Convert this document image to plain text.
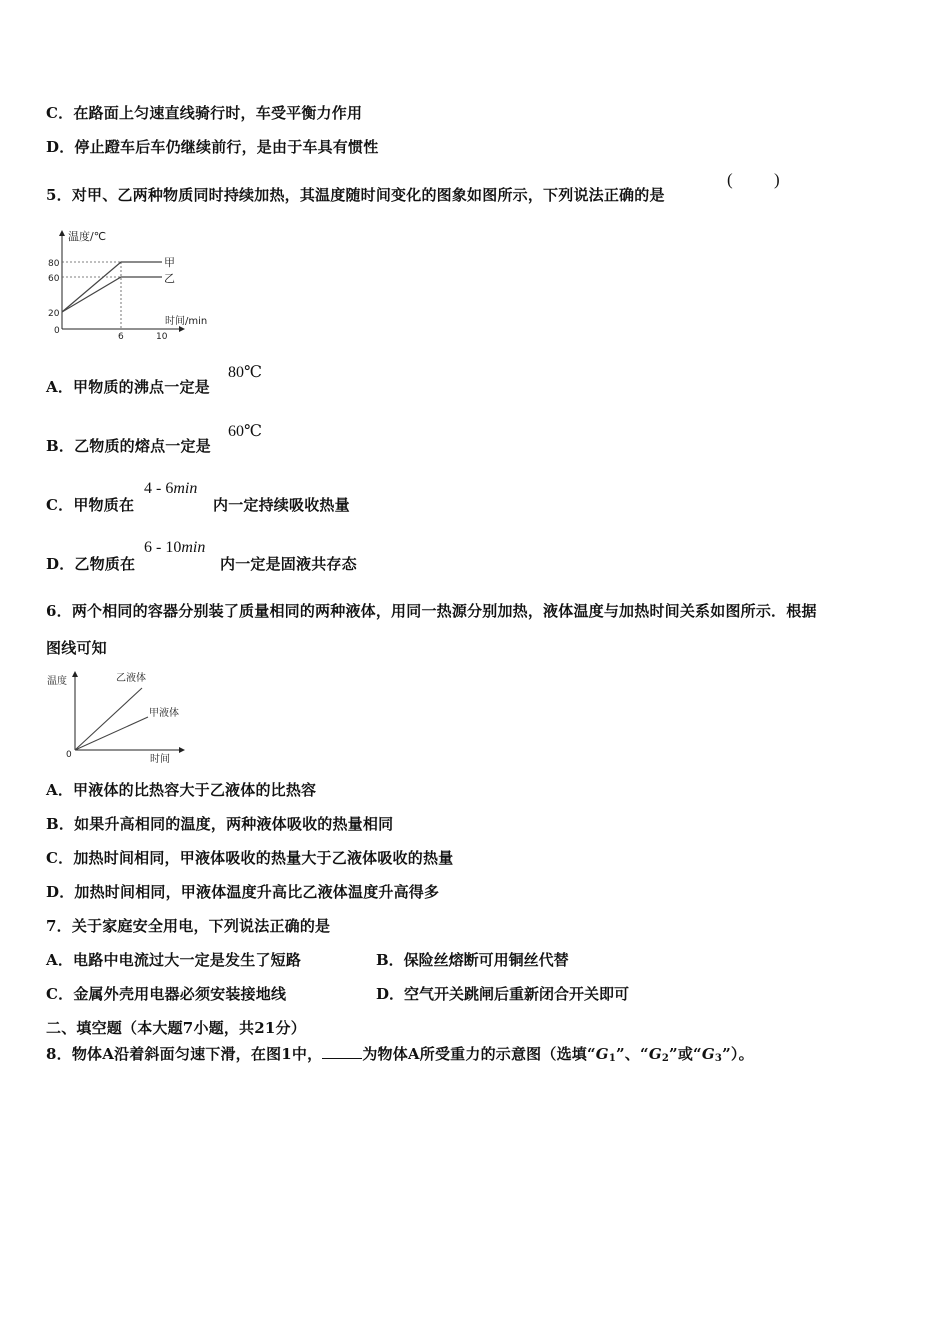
C．在路面上匀速直线骑行时，车受平衡力作用
D．停止蹬车后车仍继续前行，是由于车具有惯性
5．对甲、乙两种物质同时持续加热，其温度随时间变化的图象如图所示，下列说法正确的是
( )
温度/℃
时间/min
80
60
20
0
6	10
甲
乙
A．甲物质的沸点一定是
80℃
B．乙物质的熔点一定是
60℃
C．甲物质在
4 - 6min
内一定持续吸收热量
D．乙物质在
6 - 10min
内一定是固液共存态
6．两个相同的容器分别装了质量相同的两种液体，用同一热源分别加热，液体温度与加热时间关系如图所示．根据
图线可知
温度
时间
0
乙液体
甲液体
A．甲液体的比热容大于乙液体的比热容
B．如果升高相同的温度，两种液体吸收的热量相同
C．加热时间相同，甲液体吸收的热量大于乙液体吸收的热量
D．加热时间相同，甲液体温度升高比乙液体温度升高得多
7．关于家庭安全用电，下列说法正确的是
A．电路中电流过大一定是发生了短路	B．保险丝熔断可用铜丝代替
C．金属外壳用电器必须安装接地线	D．空气开关跳闸后重新闭合开关即可
二、填空题（本大题7小题，共21分）
8．物体A沿着斜面匀速下滑，在图1中，	为物体A所受重力的示意图（选填“$G_1$”、“$G_2$”或“$G_3$”）。
